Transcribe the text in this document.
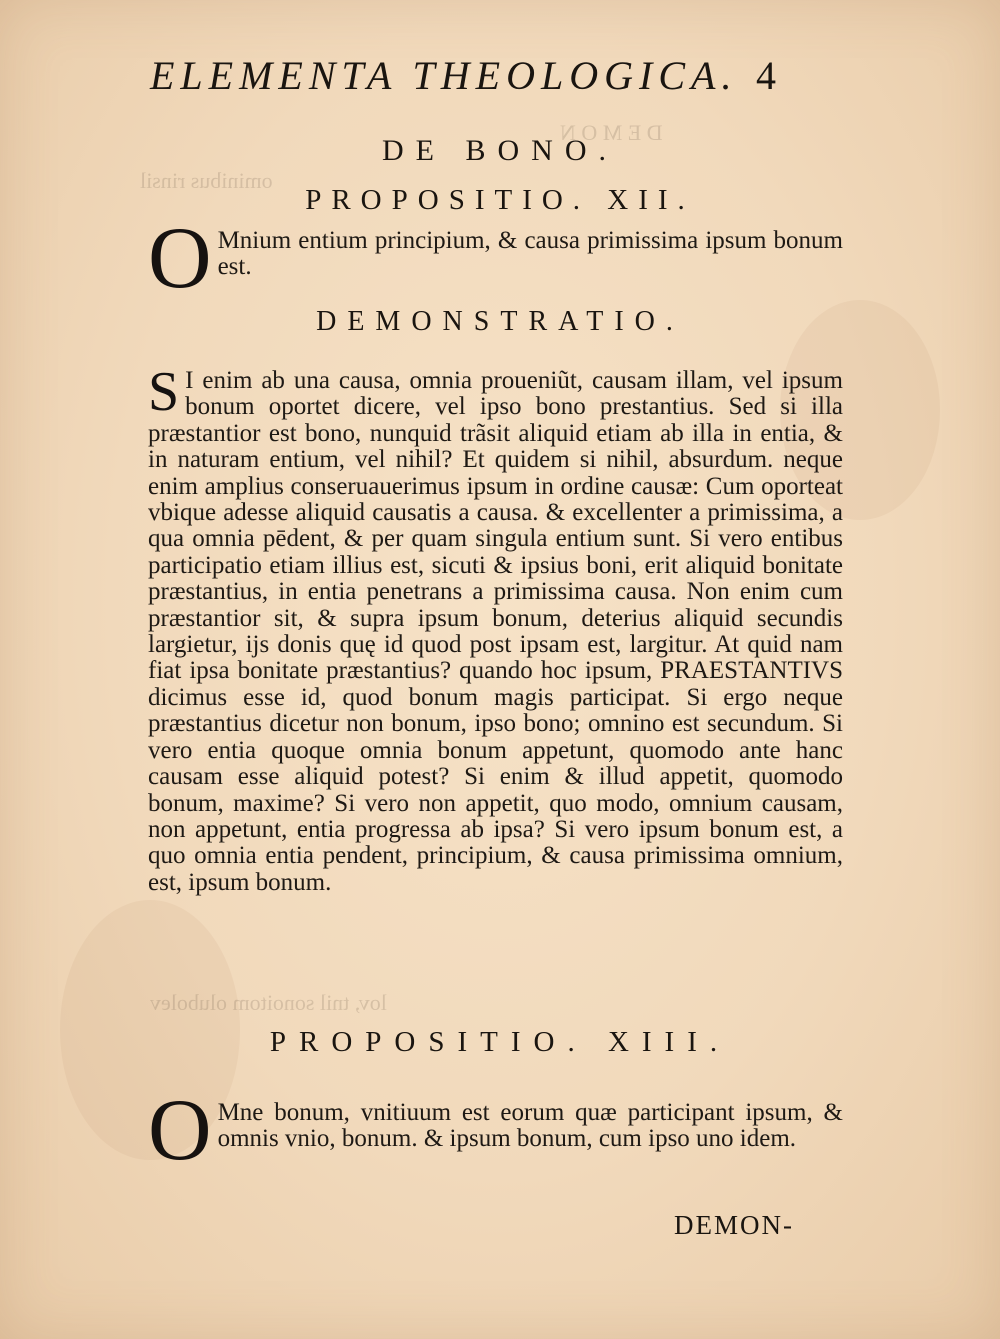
D E M O N
ominibus rinsil
lov, tnil sonoitom olubolev
ELEMENTA THEOLOGICA. 4
DE BONO.
PROPOSITIO. XII.
O Mnium entium principium, & causa primissima ipsum bonum est.
DEMONSTRATIO.
S I enim ab una causa, omnia proueniũt, causam illam, vel ipsum bonum oportet dicere, vel ipso bono prestantius. Sed si illa præstantior est bono, nunquid trãsit aliquid etiam ab illa in entia, & in naturam entium, vel nihil? Et quidem si nihil, absurdum. neque enim amplius conseruauerimus ipsum in ordine causæ: Cum oporteat vbique adesse aliquid causatis a causa. & excellenter a primissima, a qua omnia pēdent, & per quam singula entium sunt. Si vero entibus participatio etiam illius est, sicuti & ipsius boni, erit aliquid bonitate præstantius, in entia penetrans a primissima causa. Non enim cum præstantior sit, & supra ipsum bonum, deterius aliquid secundis largietur, ijs donis quę id quod post ipsam est, largitur. At quid nam fiat ipsa bonitate præstantius? quando hoc ipsum, PRAESTANTIVS dicimus esse id, quod bonum magis participat. Si ergo neque præstantius dicetur non bonum, ipso bono; omnino est secundum. Si vero entia quoque omnia bonum appetunt, quomodo ante hanc causam esse aliquid potest? Si enim & illud appetit, quomodo bonum, maxime? Si vero non appetit, quo modo, omnium causam, non appetunt, entia progressa ab ipsa? Si vero ipsum bonum est, a quo omnia entia pendent, principium, & causa primissima omnium, est, ipsum bonum.
PROPOSITIO. XIII.
O Mne bonum, vnitiuum est eorum quæ participant ipsum, & omnis vnio, bonum. & ipsum bonum, cum ipso uno idem.
DEMON-
